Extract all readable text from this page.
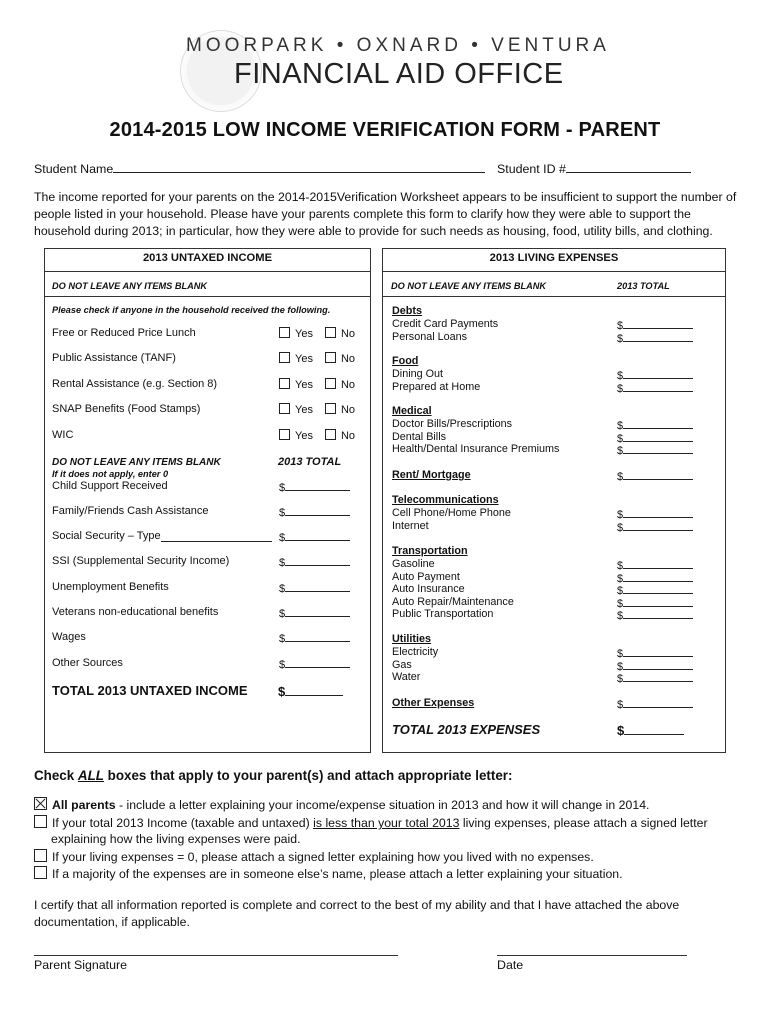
MOORPARK • OXNARD • VENTURA
FINANCIAL AID OFFICE
2014-2015 LOW INCOME VERIFICATION FORM - PARENT
Student Name	Student ID #
The income reported for your parents on the 2014-2015Verification Worksheet appears to be insufficient to support the number of people listed in your household. Please have your parents complete this form to clarify how they were able to support the household during 2013; in particular, how they were able to provide for such needs as housing, food, utility bills, and clothing.
2013 UNTAXED INCOME
DO NOT LEAVE ANY ITEMS BLANK
Please check if anyone in the household received the following.
Free or Reduced Price Lunch	Yes	No
Public Assistance (TANF)	Yes	No
Rental Assistance (e.g. Section 8)	Yes	No
SNAP Benefits (Food Stamps)	Yes	No
WIC	Yes	No
DO NOT LEAVE ANY ITEMS BLANK	2013 TOTAL
If it does not apply, enter 0
Child Support Received	$
Family/Friends Cash Assistance	$
Social Security – Type	$
SSI (Supplemental Security Income)	$
Unemployment Benefits	$
Veterans non-educational benefits	$
Wages	$
Other Sources	$
TOTAL 2013 UNTAXED INCOME $
2013 LIVING EXPENSES
DO NOT LEAVE ANY ITEMS BLANK	2013 TOTAL
Debts
Credit Card Payments	$
Personal Loans	$
Food
Dining Out	$
Prepared at Home	$
Medical
Doctor Bills/Prescriptions	$
Dental Bills	$
Health/Dental Insurance Premiums	$
Rent/ Mortgage	$
Telecommunications
Cell Phone/Home Phone	$
Internet	$
Transportation
Gasoline	$
Auto Payment	$
Auto Insurance	$
Auto Repair/Maintenance	$
Public Transportation	$
Utilities
Electricity	$
Gas	$
Water	$
Other Expenses	$
TOTAL 2013 EXPENSES	$
Check ALL boxes that apply to your parent(s) and attach appropriate letter:
All parents - include a letter explaining your income/expense situation in 2013 and how it will change in 2014.
If your total 2013 Income (taxable and untaxed) is less than your total 2013 living expenses, please attach a signed letter
explaining how the living expenses were paid.
If your living expenses = 0, please attach a signed letter explaining how you lived with no expenses.
If a majority of the expenses are in someone else’s name, please attach a letter explaining your situation.
I certify that all information reported is complete and correct to the best of my ability and that I have attached the above documentation, if applicable.
Parent Signature	Date
